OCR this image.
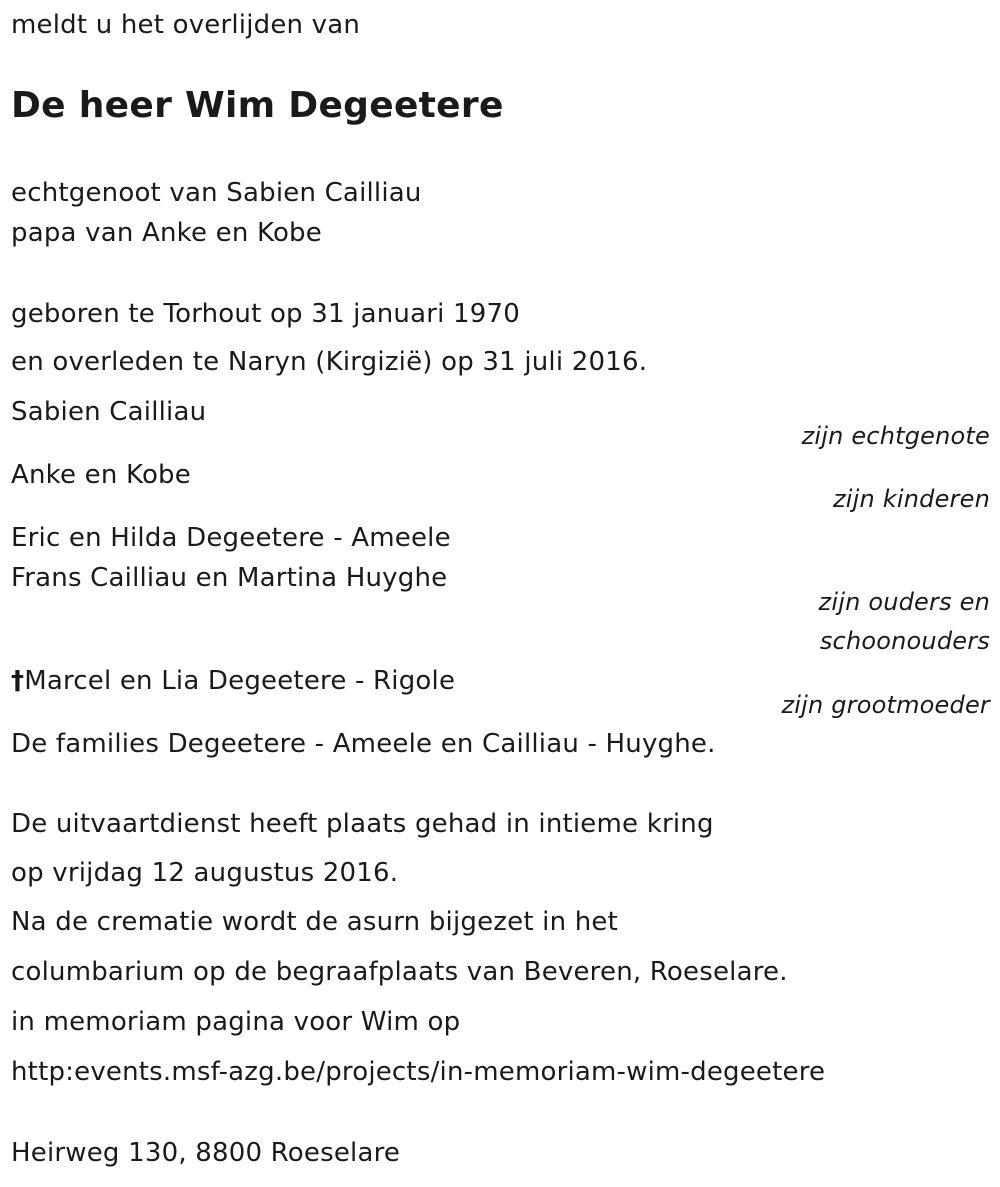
meldt u het overlijden van
De heer Wim Degeetere
echtgenoot van Sabien Cailliau
papa van Anke en Kobe
geboren te Torhout op 31 januari 1970
en overleden te Naryn (Kirgizië) op 31 juli 2016.
Sabien Cailliau
zijn echtgenote
Anke en Kobe
zijn kinderen
Eric en Hilda Degeetere - Ameele
Frans Cailliau en Martina Huyghe
zijn ouders en
schoonouders
†Marcel en Lia Degeetere - Rigole
zijn grootmoeder
De families Degeetere - Ameele en Cailliau - Huyghe.
De uitvaartdienst heeft plaats gehad in intieme kring
op vrijdag 12 augustus 2016.
Na de crematie wordt de asurn bijgezet in het
columbarium op de begraafplaats van Beveren, Roeselare.
in memoriam pagina voor Wim op
http:events.msf-azg.be/projects/in-memoriam-wim-degeetere
Heirweg 130, 8800 Roeselare
